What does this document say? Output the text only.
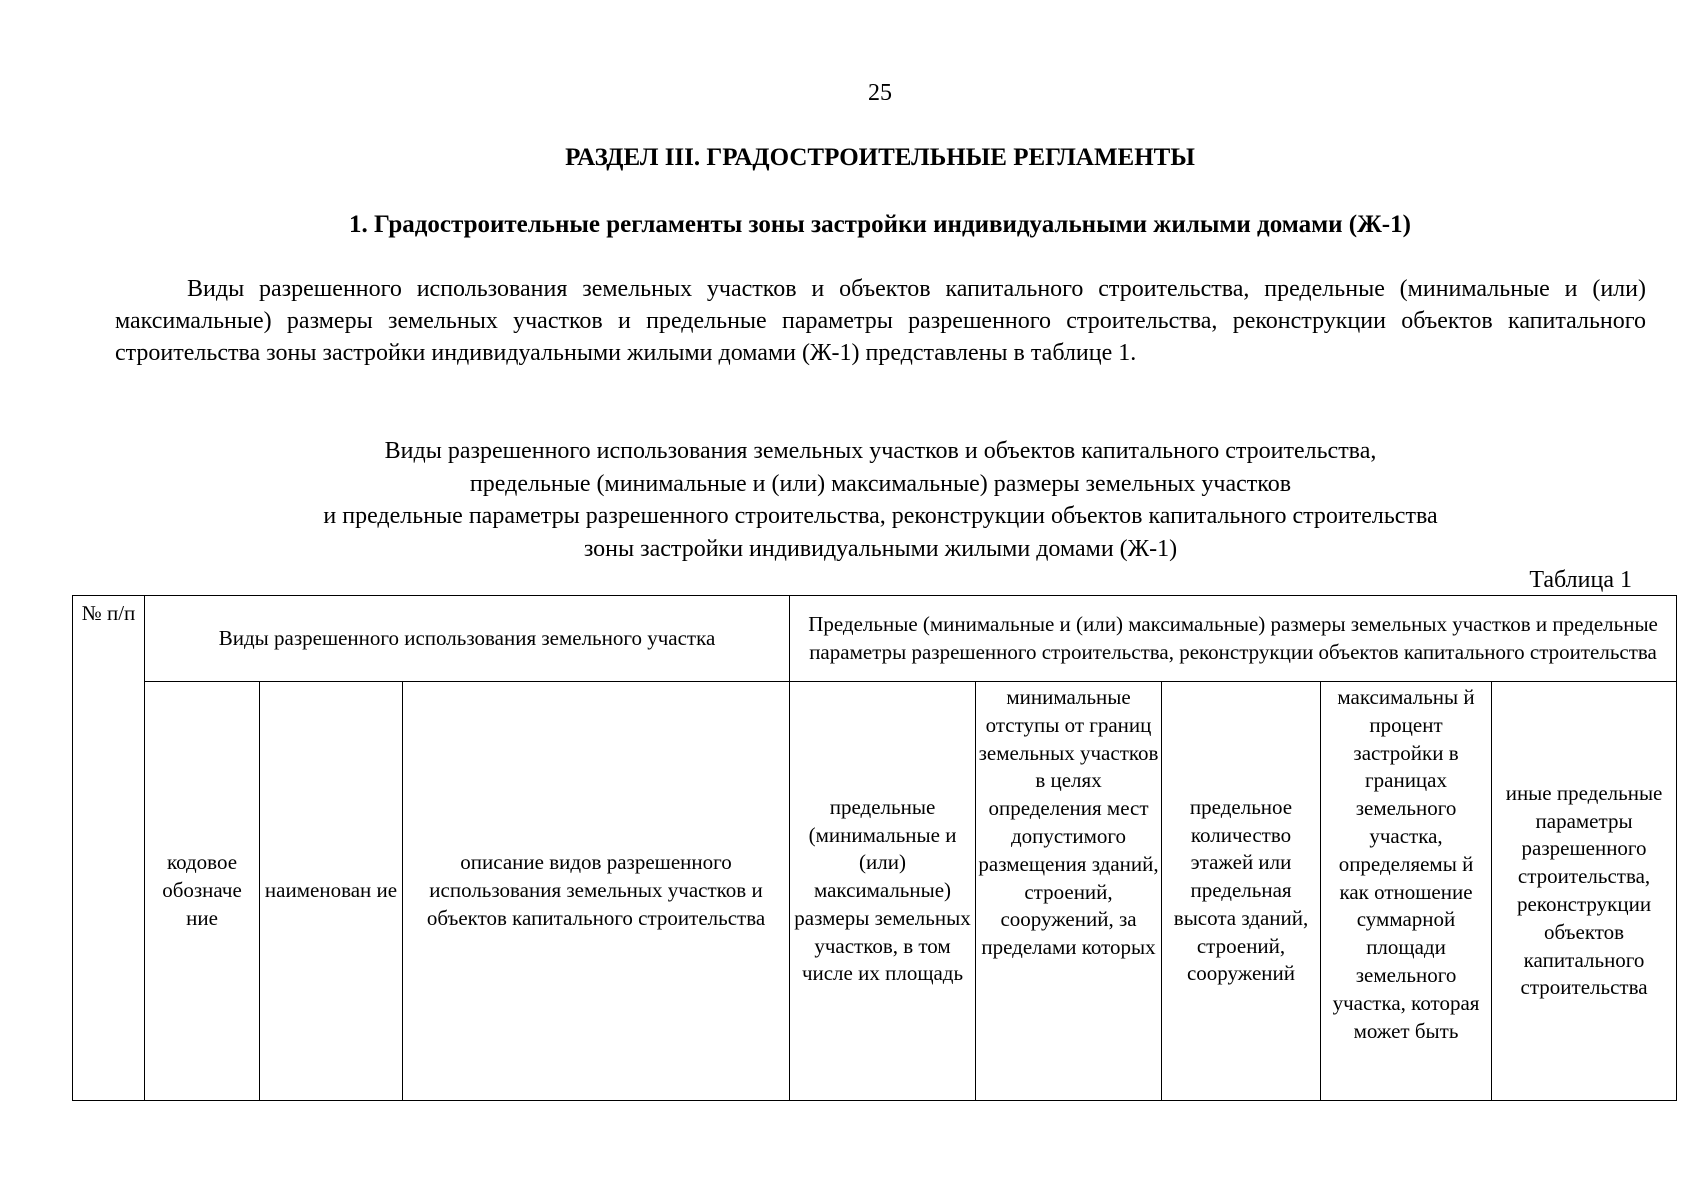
25
РАЗДЕЛ III. ГРАДОСТРОИТЕЛЬНЫЕ РЕГЛАМЕНТЫ
1. Градостроительные регламенты зоны застройки индивидуальными жилыми домами (Ж-1)

Виды разрешенного использования земельных участков и объектов капитального строительства, предельные (минимальные и (или) максимальные) размеры земельных участков и предельные параметры разрешенного строительства, реконструкции объектов капитального строительства зоны застройки индивидуальными жилыми домами (Ж-1) представлены в таблице 1.

Виды разрешенного использования земельных участков и объектов капитального строительства,
предельные (минимальные и (или) максимальные) размеры земельных участков
и предельные параметры разрешенного строительства, реконструкции объектов капитального строительства
зоны застройки индивидуальными жилыми домами (Ж-1)
Таблица 1
№ п/п	Виды разрешенного использования земельного участка			Предельные (минимальные и (или) максимальные) размеры земельных участков и предельные параметры разрешенного строительства, реконструкции объектов капитального строительства				
	кодовое обозначе ние	наименован ие	описание видов разрешенного использования земельных участков и объектов капитального строительства	предельные (минимальные и (или) максимальные) размеры земельных участков, в том числе их площадь	минимальные отступы от границ земельных участков в целях определения мест допустимого размещения зданий, строений, сооружений, за пределами которых	предельное количество этажей или предельная высота зданий, строений, сооружений	максимальны й процент застройки в границах земельного участка, определяемы й как отношение суммарной площади земельного участка, которая может быть	иные предельные параметры разрешенного строительства, реконструкции объектов капитального строительства
